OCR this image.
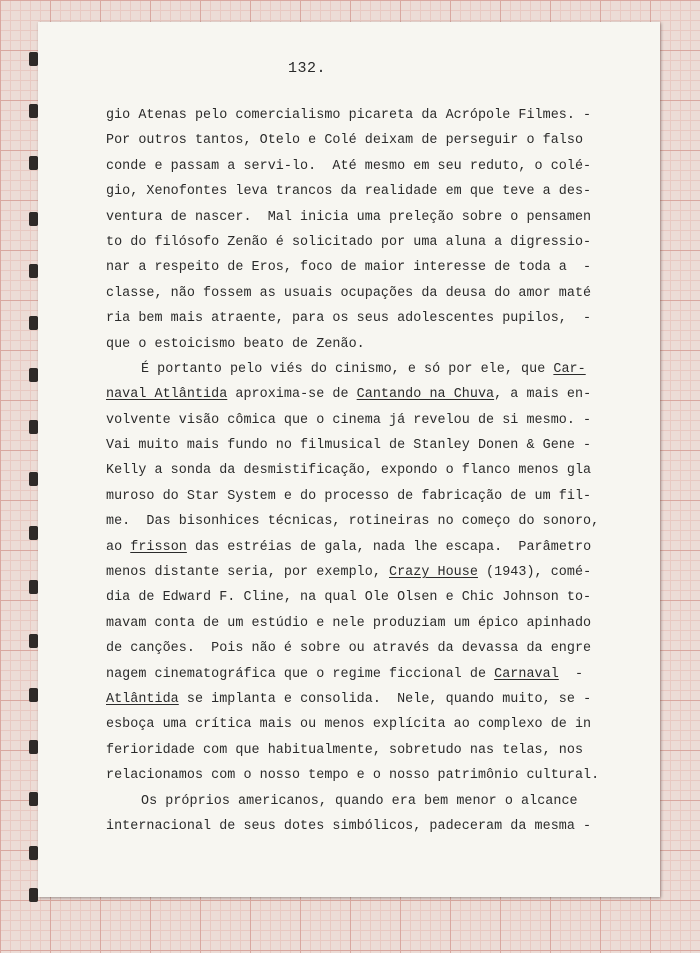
132.
gio Atenas pelo comercialismo picareta da Acrópole Filmes. -
Por outros tantos, Otelo e Colé deixam de perseguir o falso
conde e passam a servi-lo.  Até mesmo em seu reduto, o colé-
gio, Xenofontes leva trancos da realidade em que teve a des-
ventura de nascer.  Mal inicia uma preleção sobre o pensamen
to do filósofo Zenão é solicitado por uma aluna a digressio-
nar a respeito de Eros, foco de maior interesse de toda a  -
classe, não fossem as usuais ocupações da deusa do amor maté
ria bem mais atraente, para os seus adolescentes pupilos,  -
que o estoicismo beato de Zenão.
É portanto pelo viés do cinismo, e só por ele, que Car-
naval Atlântida aproxima-se de Cantando na Chuva, a mais en-
volvente visão cômica que o cinema já revelou de si mesmo. -
Vai muito mais fundo no filmusical de Stanley Donen & Gene -
Kelly a sonda da desmistificação, expondo o flanco menos gla
muroso do Star System e do processo de fabricação de um fil-
me.  Das bisonhices técnicas, rotineiras no começo do sonoro,
ao frisson das estréias de gala, nada lhe escapa.  Parâmetro
menos distante seria, por exemplo, Crazy House (1943), comé-
dia de Edward F. Cline, na qual Ole Olsen e Chic Johnson to-
mavam conta de um estúdio e nele produziam um épico apinhado
de canções.  Pois não é sobre ou através da devassa da engre
nagem cinematográfica que o regime ficcional de Carnaval  -
Atlântida se implanta e consolida.  Nele, quando muito, se -
esboça uma crítica mais ou menos explícita ao complexo de in
ferioridade com que habitualmente, sobretudo nas telas, nos
relacionamos com o nosso tempo e o nosso patrimônio cultural.
Os próprios americanos, quando era bem menor o alcance
internacional de seus dotes simbólicos, padeceram da mesma -
